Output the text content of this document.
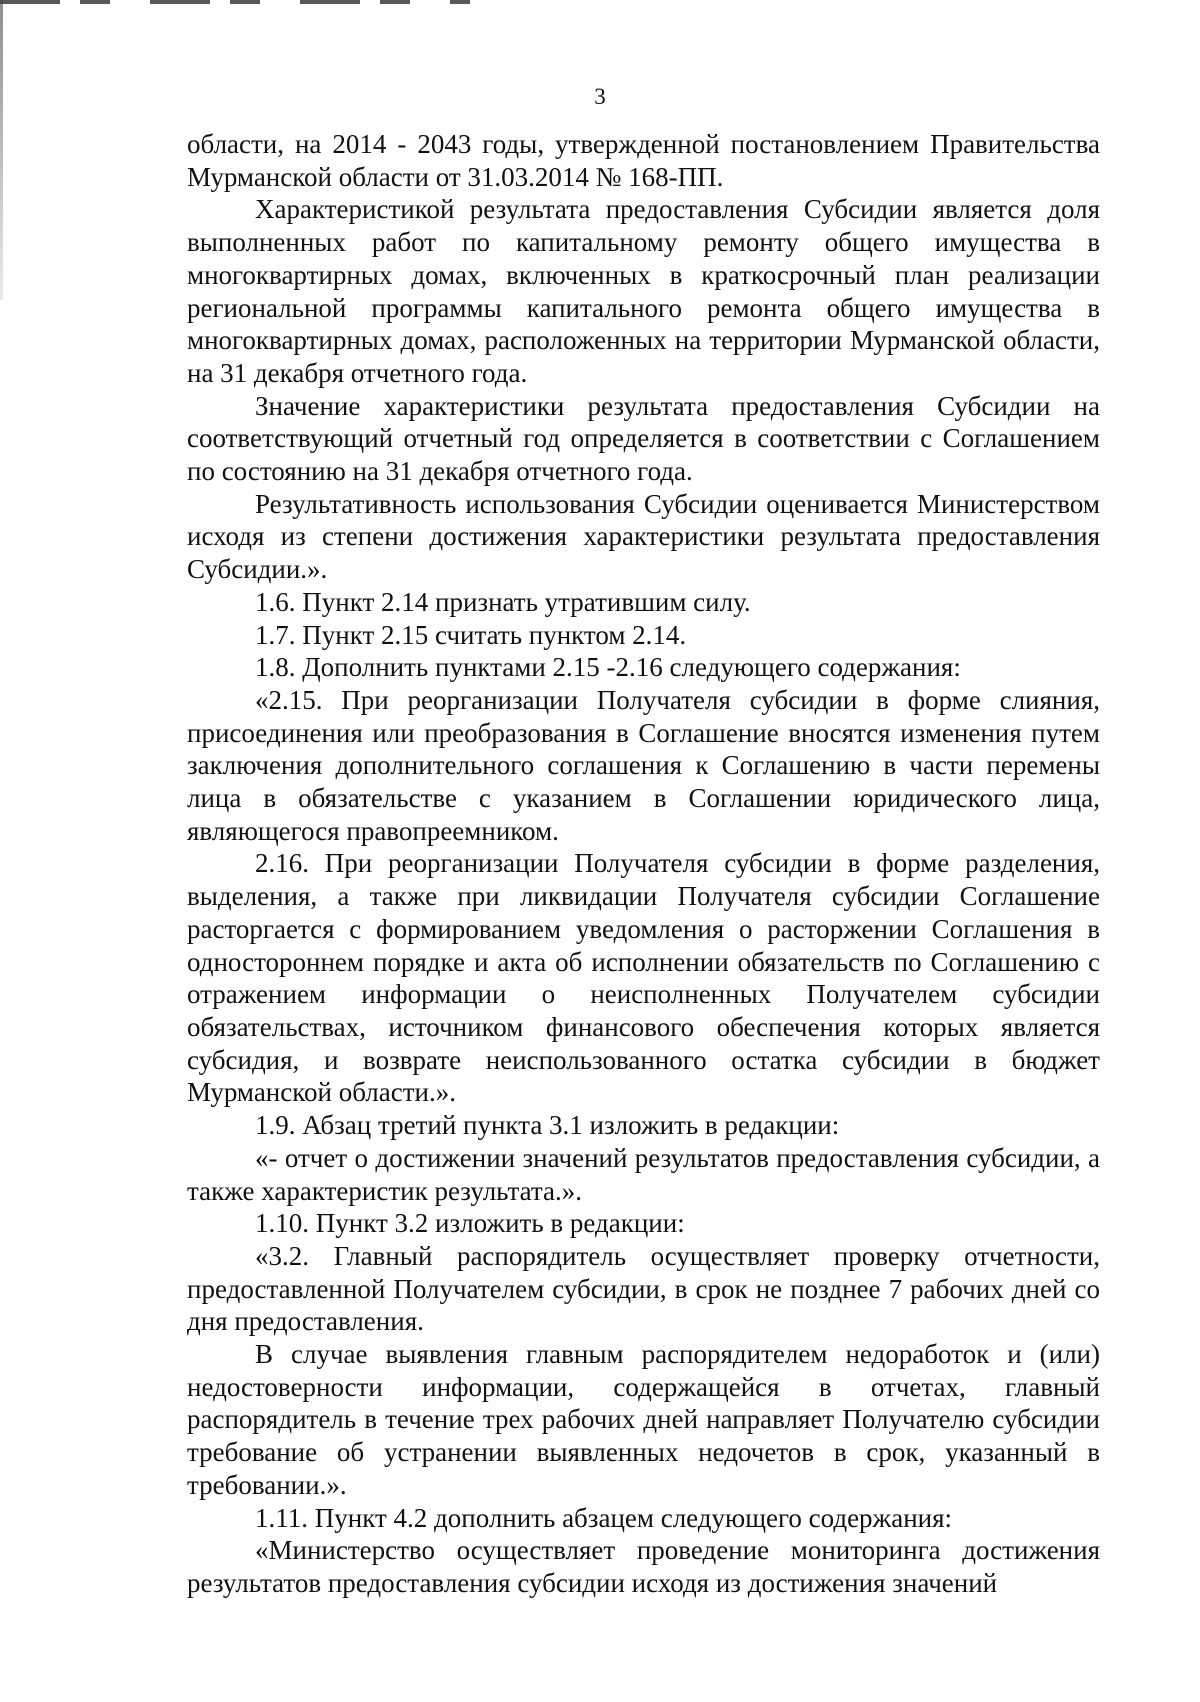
3

области, на 2014 - 2043 годы, утвержденной постановлением Правительства Мурманской области от 31.03.2014 № 168-ПП.

Характеристикой результата предоставления Субсидии является доля выполненных работ по капитальному ремонту общего имущества в многоквартирных домах, включенных в краткосрочный план реализации региональной программы капитального ремонта общего имущества в многоквартирных домах, расположенных на территории Мурманской области, на 31 декабря отчетного года.

Значение характеристики результата предоставления Субсидии на соответствующий отчетный год определяется в соответствии с Соглашением по состоянию на 31 декабря отчетного года.

Результативность использования Субсидии оценивается Министерством исходя из степени достижения характеристики результата предоставления Субсидии.».

1.6. Пункт 2.14 признать утратившим силу.

1.7. Пункт 2.15 считать пунктом 2.14.

1.8. Дополнить пунктами 2.15 -2.16 следующего содержания:

«2.15. При реорганизации Получателя субсидии в форме слияния, присоединения или преобразования в Соглашение вносятся изменения путем заключения дополнительного соглашения к Соглашению в части перемены лица в обязательстве с указанием в Соглашении юридического лица, являющегося правопреемником.

2.16. При реорганизации Получателя субсидии в форме разделения, выделения, а также при ликвидации Получателя субсидии Соглашение расторгается с формированием уведомления о расторжении Соглашения в одностороннем порядке и акта об исполнении обязательств по Соглашению с отражением информации о неисполненных Получателем субсидии обязательствах, источником финансового обеспечения которых является субсидия, и возврате неиспользованного остатка субсидии в бюджет Мурманской области.».

1.9. Абзац третий пункта 3.1 изложить в редакции:

«- отчет о достижении значений результатов предоставления субсидии, а также характеристик результата.».

1.10. Пункт 3.2 изложить в редакции:

«3.2. Главный распорядитель осуществляет проверку отчетности, предоставленной Получателем субсидии, в срок не позднее 7 рабочих дней со дня предоставления.

В случае выявления главным распорядителем недоработок и (или) недостоверности информации, содержащейся в отчетах, главный распорядитель в течение трех рабочих дней направляет Получателю субсидии требование об устранении выявленных недочетов в срок, указанный в требовании.».

1.11. Пункт 4.2 дополнить абзацем следующего содержания:

«Министерство осуществляет проведение мониторинга достижения результатов предоставления субсидии исходя из достижения значений
